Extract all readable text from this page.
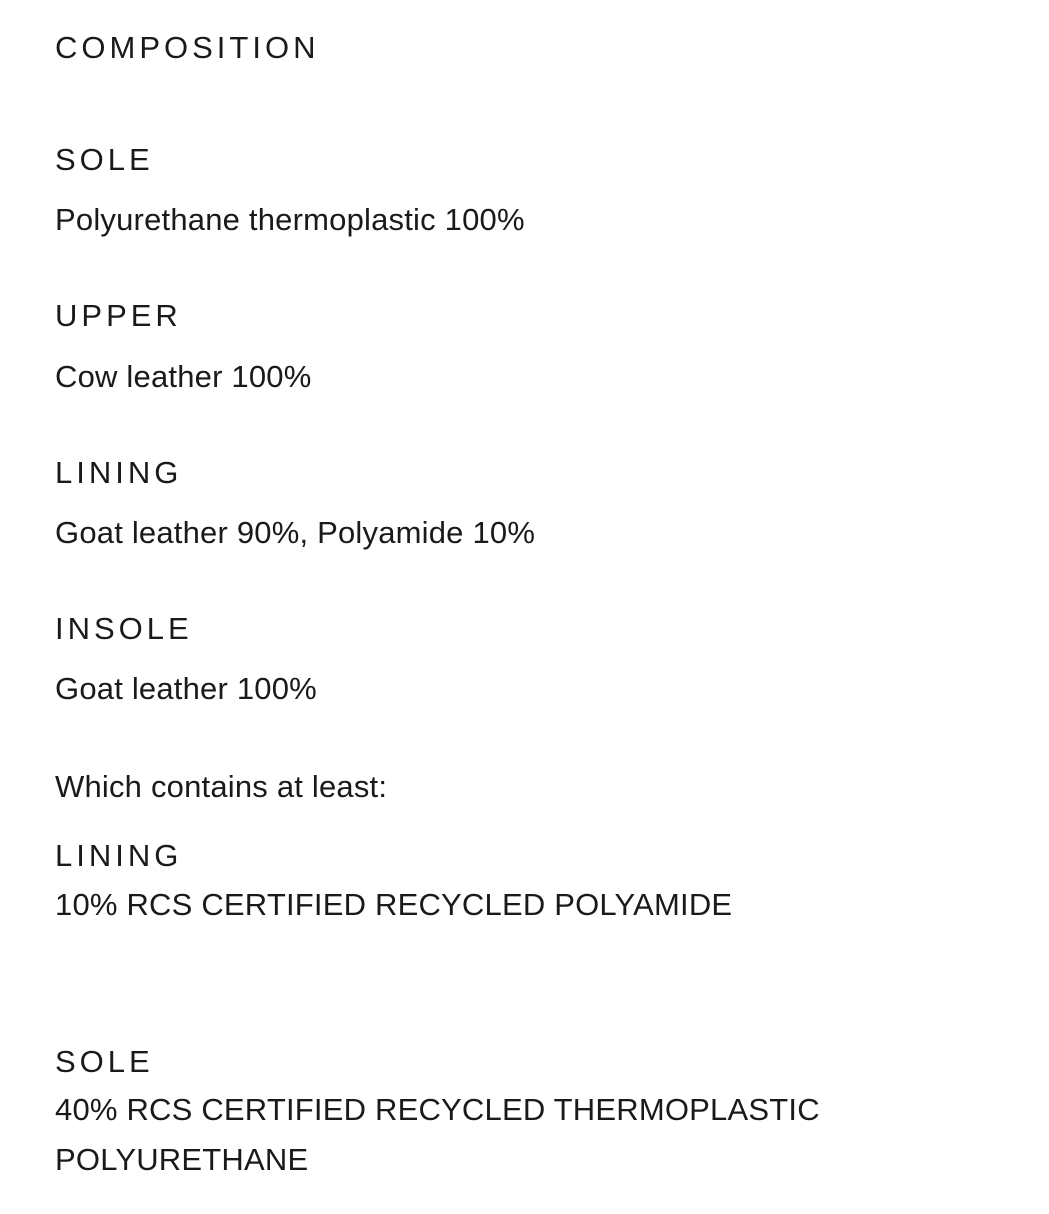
COMPOSITION
SOLE

Polyurethane thermoplastic 100%

UPPER

Cow leather 100%

LINING

Goat leather 90%, Polyamide 10%

INSOLE

Goat leather 100%

Which contains at least:

LINING

10% RCS CERTIFIED RECYCLED POLYAMIDE

SOLE

40% RCS CERTIFIED RECYCLED THERMOPLASTIC POLYURETHANE
